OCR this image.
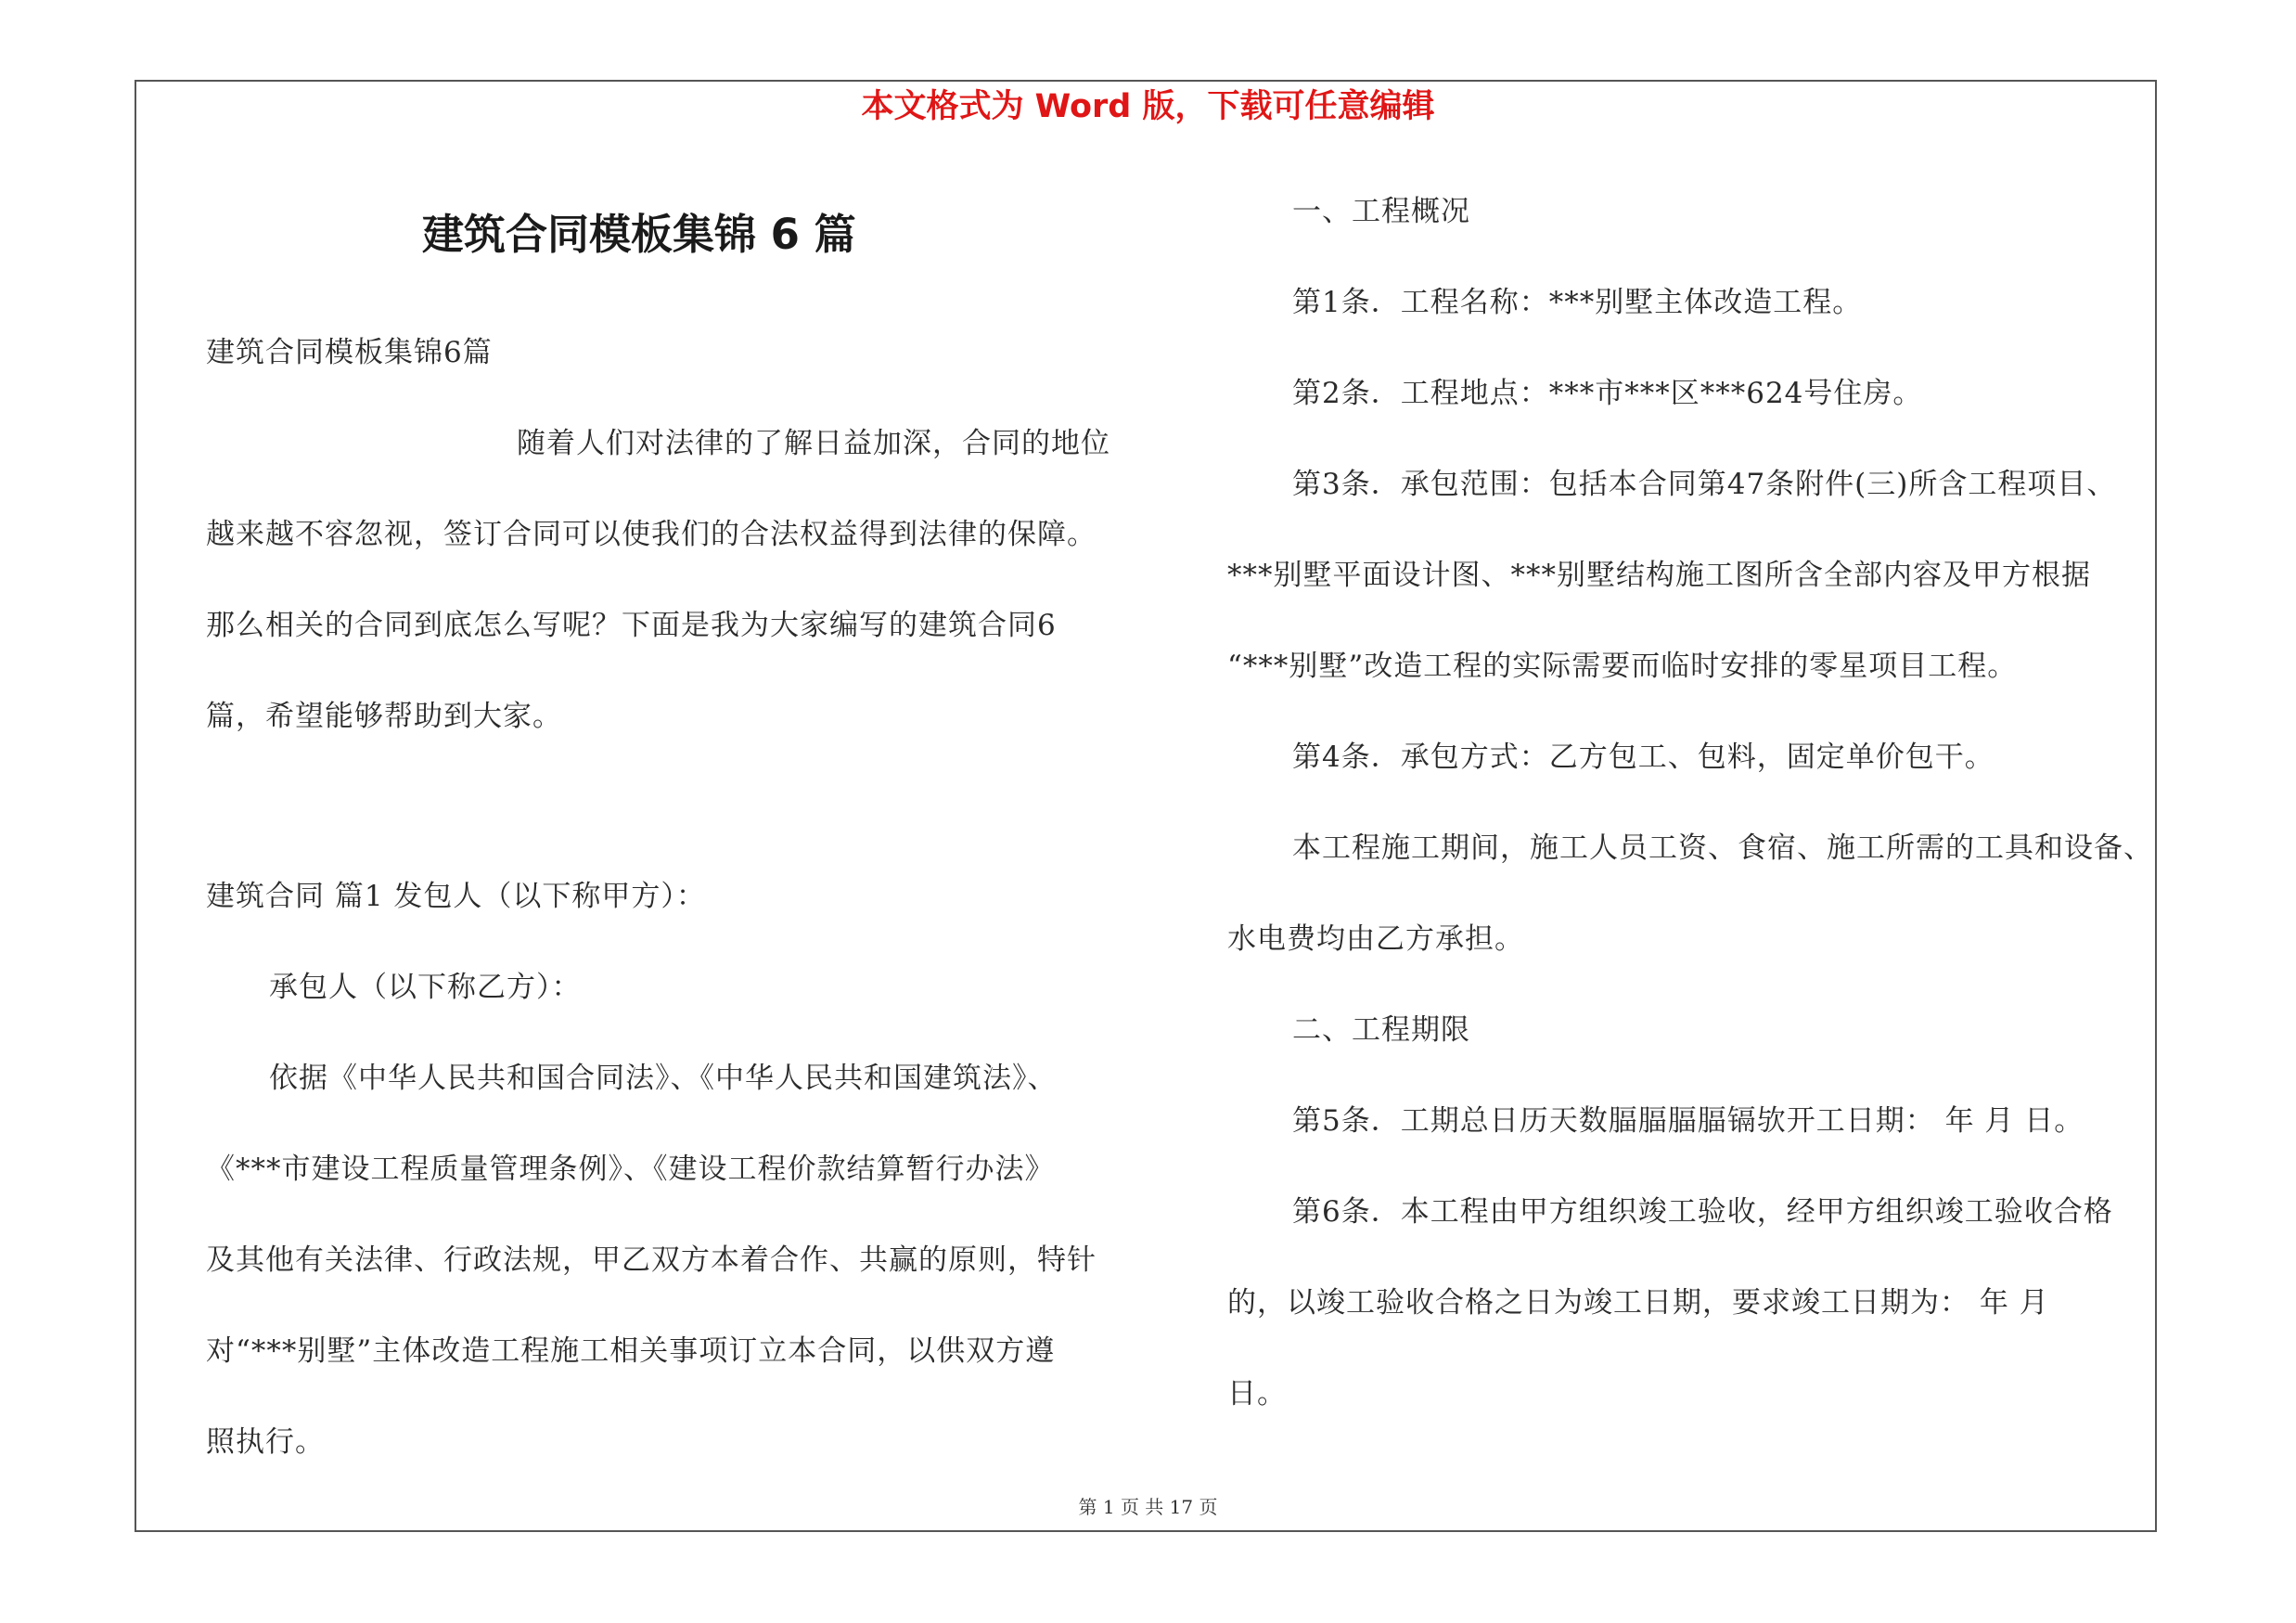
本文格式为 Word 版，下载可任意编辑
建筑合同模板集锦 6 篇
建筑合同模板集锦6篇
随着人们对法律的了解日益加深，合同的地位
越来越不容忽视，签订合同可以使我们的合法权益得到法律的保障。
那么相关的合同到底怎么写呢？下面是我为大家编写的建筑合同6
篇，希望能够帮助到大家。
建筑合同 篇1 发包人（以下称甲方）：
承包人（以下称乙方）：
依据《中华人民共和国合同法》、《中华人民共和国建筑法》、
《***市建设工程质量管理条例》、《建设工程价款结算暂行办法》
及其他有关法律、行政法规，甲乙双方本着合作、共赢的原则，特针
对“***别墅”主体改造工程施工相关事项订立本合同，以供双方遵
照执行。
一、工程概况
第1条．工程名称：***别墅主体改造工程。
第2条．工程地点：***市***区***624号住房。
第3条．承包范围：包括本合同第47条附件(三)所含工程项目、
***别墅平面设计图、***别墅结构施工图所含全部内容及甲方根据
“***别墅”改造工程的实际需要而临时安排的零星项目工程。
第4条．承包方式：乙方包工、包料，固定单价包干。
本工程施工期间，施工人员工资、食宿、施工所需的工具和设备、
水电费均由乙方承担。
二、工程期限
第5条．工期总日历天数腷腷腷腷镉欤开工日期： 年 月 日。
第6条．本工程由甲方组织竣工验收，经甲方组织竣工验收合格
的，以竣工验收合格之日为竣工日期，要求竣工日期为： 年 月
日。
第 1 页 共 17 页
